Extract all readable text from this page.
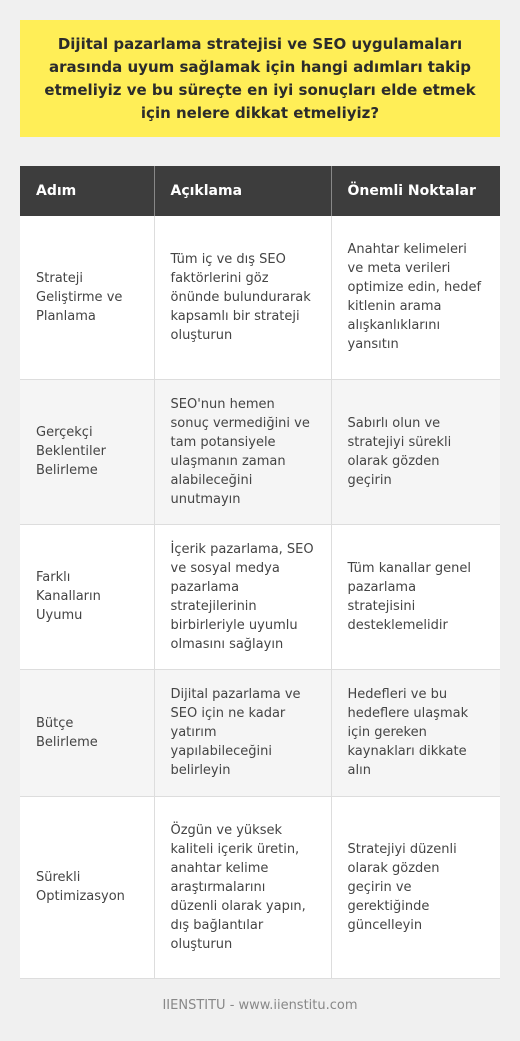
Dijital pazarlama stratejisi ve SEO uygulamaları arasında uyum sağlamak için hangi adımları takip etmeliyiz ve bu süreçte en iyi sonuçları elde etmek için nelere dikkat etmeliyiz?

Adım	Açıklama	Önemli Noktalar
Strateji Geliştirme ve Planlama	Tüm iç ve dış SEO faktörlerini göz önünde bulundurarak kapsamlı bir strateji oluşturun	Anahtar kelimeleri ve meta verileri optimize edin, hedef kitlenin arama alışkanlıklarını yansıtın
Gerçekçi Beklentiler Belirleme	SEO'nun hemen sonuç vermediğini ve tam potansiyele ulaşmanın zaman alabileceğini unutmayın	Sabırlı olun ve stratejiyi sürekli olarak gözden geçirin
Farklı Kanalların Uyumu	İçerik pazarlama, SEO ve sosyal medya pazarlama stratejilerinin birbirleriyle uyumlu olmasını sağlayın	Tüm kanallar genel pazarlama stratejisini desteklemelidir
Bütçe Belirleme	Dijital pazarlama ve SEO için ne kadar yatırım yapılabileceğini belirleyin	Hedefleri ve bu hedeflere ulaşmak için gereken kaynakları dikkate alın
Sürekli Optimizasyon	Özgün ve yüksek kaliteli içerik üretin, anahtar kelime araştırmalarını düzenli olarak yapın, dış bağlantılar oluşturun	Stratejiyi düzenli olarak gözden geçirin ve gerektiğinde güncelleyin
IIENSTITU - www.iienstitu.com
